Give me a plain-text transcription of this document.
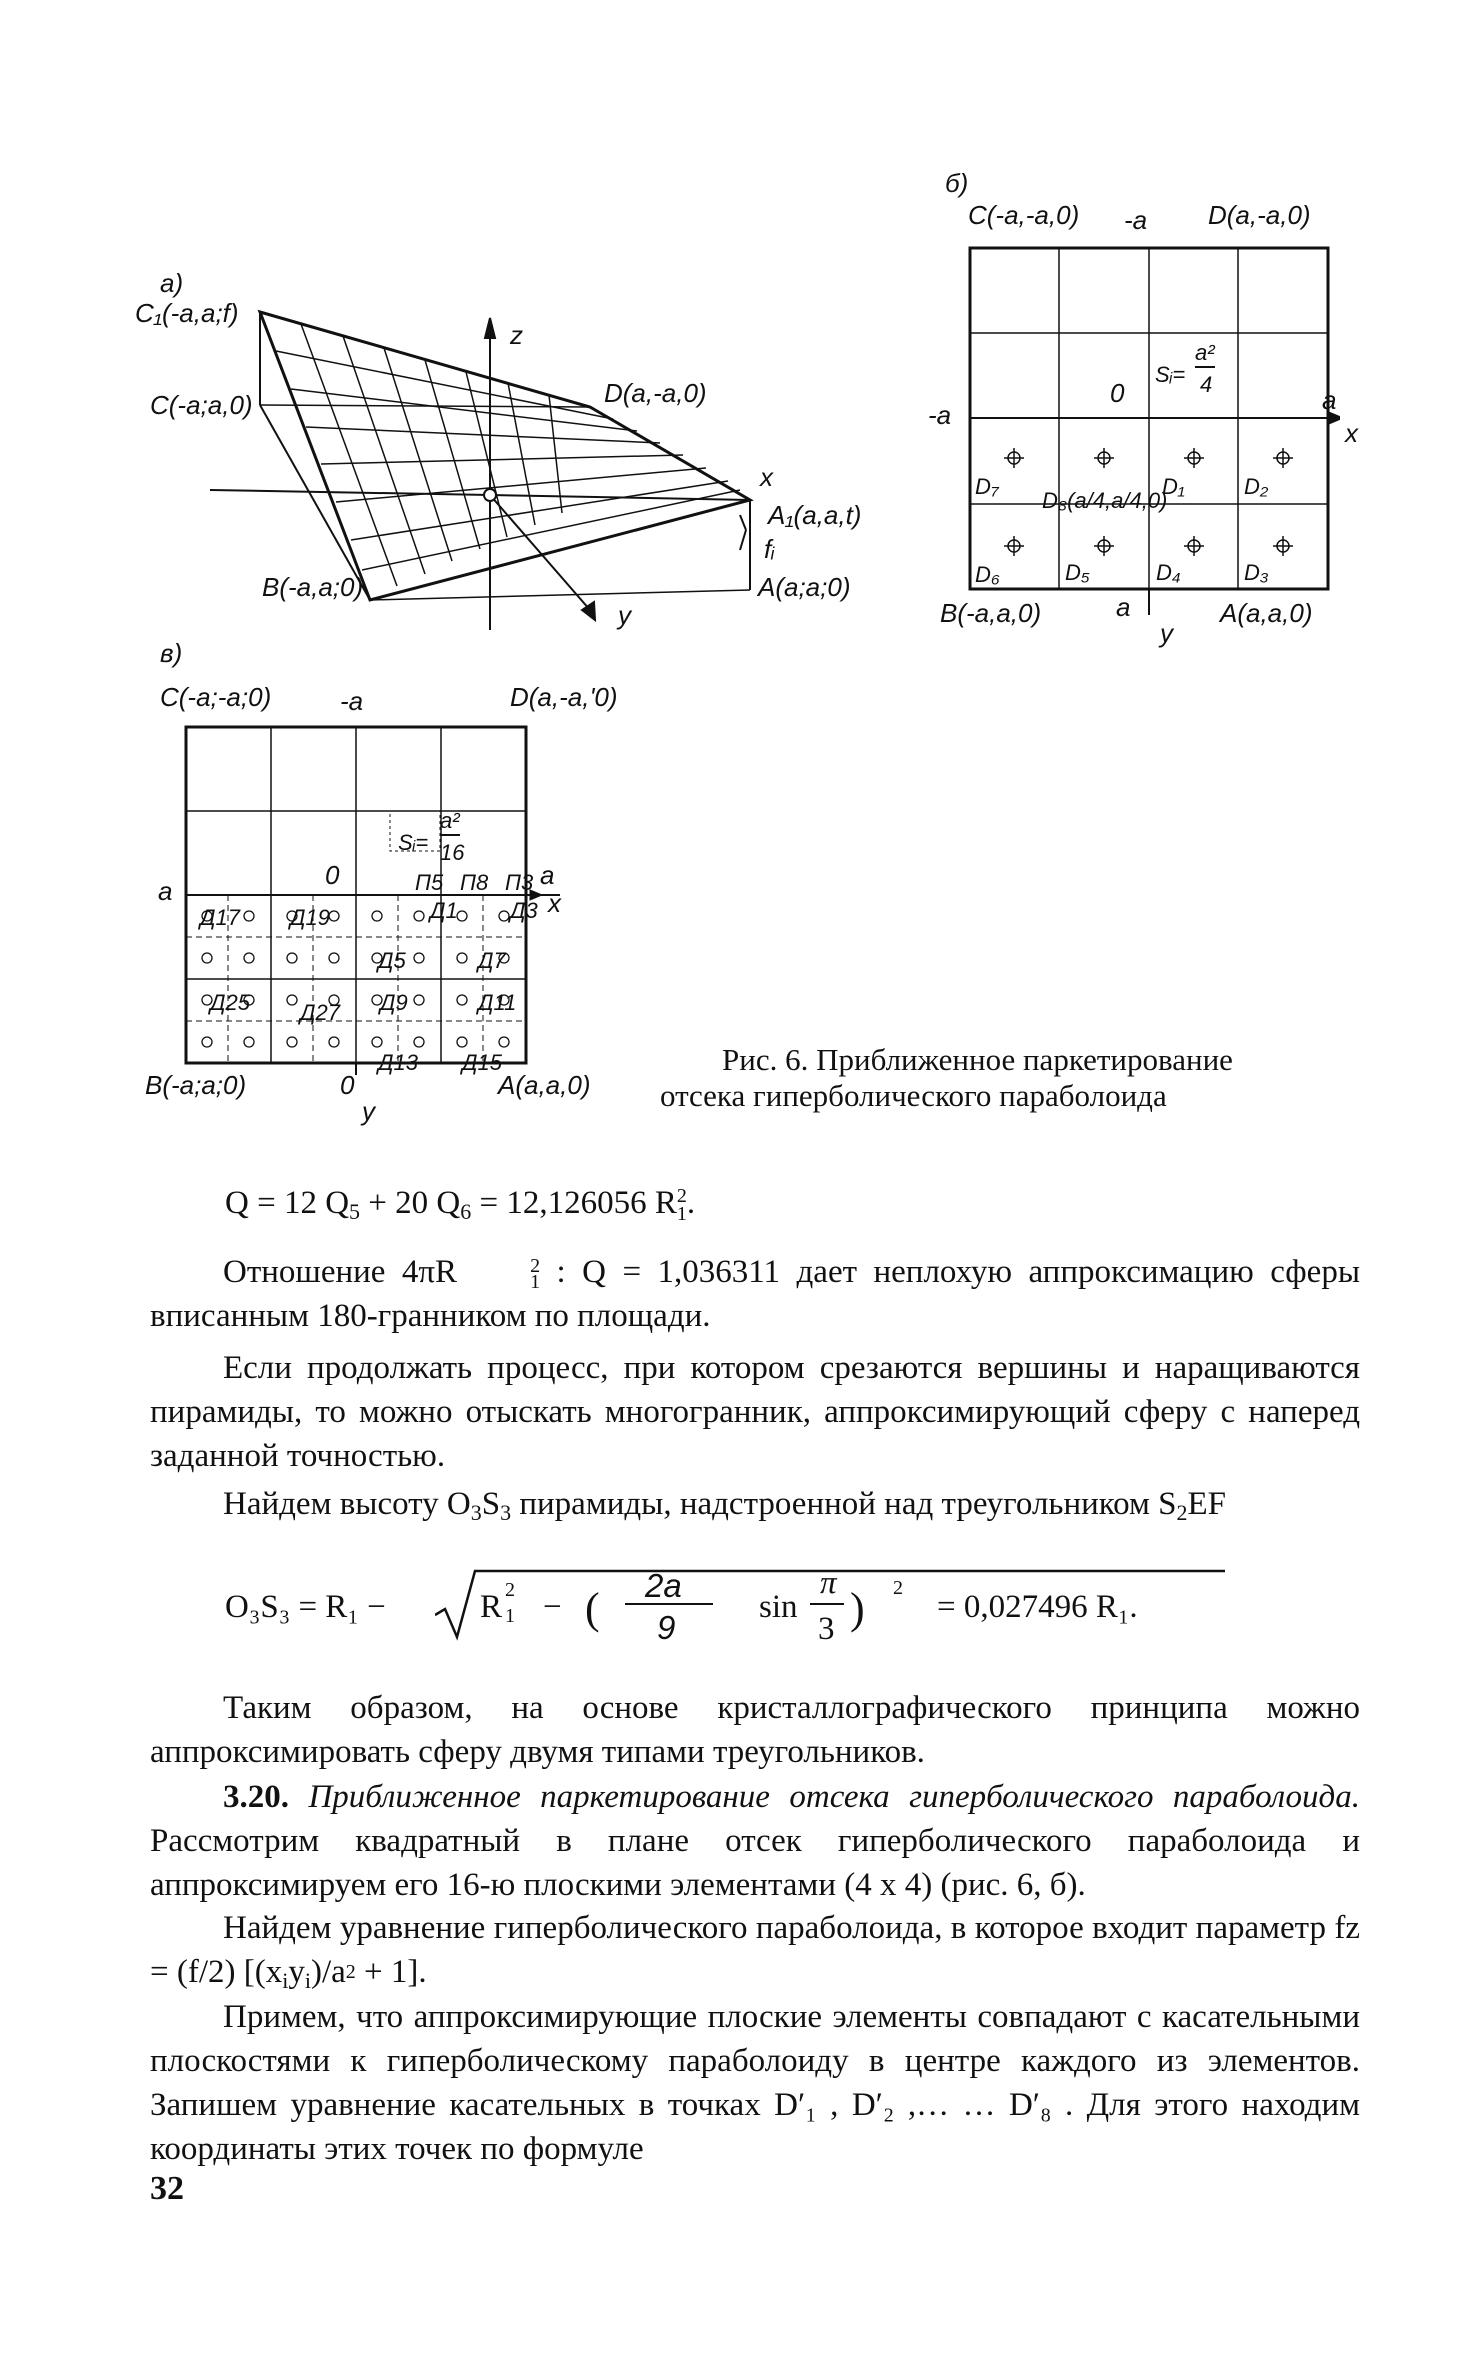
а)
C₁(-a,a;f)
C(-a;a,0)
z
D(a,-a,0)
x
A₁(a,a,t)
fᵢ
B(-a,a;0)	A(a;a;0)
y
б)
C(-a,-a,0) -a D(a,-a,0)
0
Sᵢ=
a²
4
a
x
-a
D₇
D₈(a/4,a/4,0)
D₁	D₂
D₆	D₅	D₄	D₃
B(-a,a,0)	a
y
A(a,a,0)
в)
C(-a;-a;0)	-a	D(a,-a,'0)
0
Sᵢ=
a²
16
a
a
x
П5 П8 П3
Д17 Д19	Д1 Д3
Д5	Д7
Д25 Д27 Д9	Д11
Д13 Д15
B(-a;a;0)	0
y
A(a,a,0)
Рис. 6. Приближенное паркетирование
отсека гиперболического параболоида
Q = 12 $Q_5 + 20$ $Q_6 = 12,126056$ R 2
1 .

Отношение 4πR	2
1 : Q = 1,036311 дает неплохую аппроксимацию сферы вписанным 180-гранником по площади.

Если продолжать процесс, при котором срезаются вершины и наращиваются пирамиды, то можно отыскать многогранник, аппроксимирующий сферу с наперед заданной точностью.

Найдем высоту $O_3S_3$ пирамиды, надстроенной над треугольником $S_2EF$

O₃S₃ = R₁ −	R 2
1 − ( 2a
9
sin
π
3 ) 2
= 0,027496 R₁.

Таким образом, на основе кристаллографического принципа можно аппроксимировать сферу двумя типами треугольников.

3.20. Приближенное паркетирование отсека гиперболического параболоида. Рассмотрим квадратный в плане отсек гиперболического параболоида и аппроксимируем его 16-ю плоскими элементами (4 x 4) (рис. 6, б).

Найдем уравнение гиперболического параболоида, в которое входит параметр fz = (f/2) $[(x_iy_i)/a^2 + 1]$.

Примем, что аппроксимирующие плоские элементы совпадают с касательными плоскостями к гиперболическому параболоиду в центре каждого из элементов. Запишем уравнение касательных в точках D′₁ , D′₂ ,… … D′₈ . Для этого находим координаты этих точек по формуле

32
